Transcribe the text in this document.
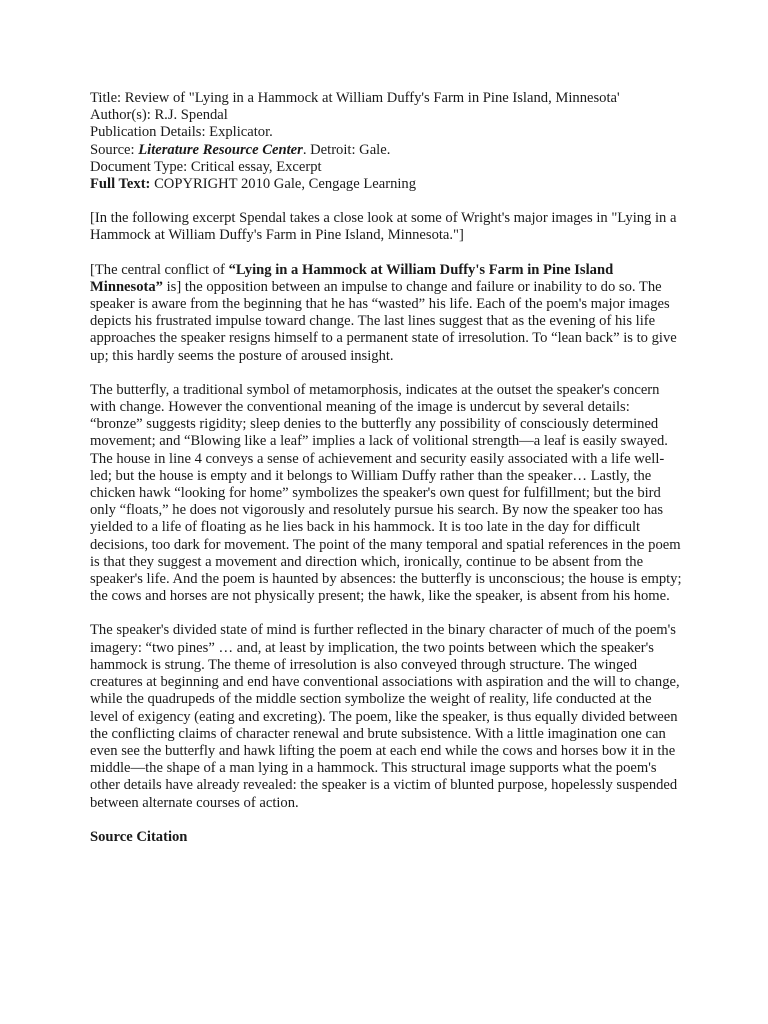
Title: Review of "Lying in a Hammock at William Duffy's Farm in Pine Island, Minnesota'

Author(s): R.J. Spendal

Publication Details: Explicator.

Source: Literature Resource Center. Detroit: Gale.

Document Type: Critical essay, Excerpt

Full Text: COPYRIGHT 2010 Gale, Cengage Learning

[In the following excerpt Spendal takes a close look at some of Wright's major images in "Lying in a Hammock at William Duffy's Farm in Pine Island, Minnesota."]

[The central conflict of “Lying in a Hammock at William Duffy's Farm in Pine Island Minnesota” is] the opposition between an impulse to change and failure or inability to do so. The speaker is aware from the beginning that he has “wasted” his life. Each of the poem's major images depicts his frustrated impulse toward change. The last lines suggest that as the evening of his life approaches the speaker resigns himself to a permanent state of irresolution. To “lean back” is to give up; this hardly seems the posture of aroused insight.

The butterfly, a traditional symbol of metamorphosis, indicates at the outset the speaker's concern with change. However the conventional meaning of the image is undercut by several details: “bronze” suggests rigidity; sleep denies to the butterfly any possibility of consciously determined movement; and “Blowing like a leaf” implies a lack of volitional strength—a leaf is easily swayed. The house in line 4 conveys a sense of achievement and security easily associated with a life well-led; but the house is empty and it belongs to William Duffy rather than the speaker… Lastly, the chicken hawk “looking for home” symbolizes the speaker's own quest for fulfillment; but the bird only “floats,” he does not vigorously and resolutely pursue his search. By now the speaker too has yielded to a life of floating as he lies back in his hammock. It is too late in the day for difficult decisions, too dark for movement. The point of the many temporal and spatial references in the poem is that they suggest a movement and direction which, ironically, continue to be absent from the speaker's life. And the poem is haunted by absences: the butterfly is unconscious; the house is empty; the cows and horses are not physically present; the hawk, like the speaker, is absent from his home.

The speaker's divided state of mind is further reflected in the binary character of much of the poem's imagery: “two pines” … and, at least by implication, the two points between which the speaker's hammock is strung. The theme of irresolution is also conveyed through structure. The winged creatures at beginning and end have conventional associations with aspiration and the will to change, while the quadrupeds of the middle section symbolize the weight of reality, life conducted at the level of exigency (eating and excreting). The poem, like the speaker, is thus equally divided between the conflicting claims of character renewal and brute subsistence. With a little imagination one can even see the butterfly and hawk lifting the poem at each end while the cows and horses bow it in the middle—the shape of a man lying in a hammock. This structural image supports what the poem's other details have already revealed: the speaker is a victim of blunted purpose, hopelessly suspended between alternate courses of action.

Source Citation
